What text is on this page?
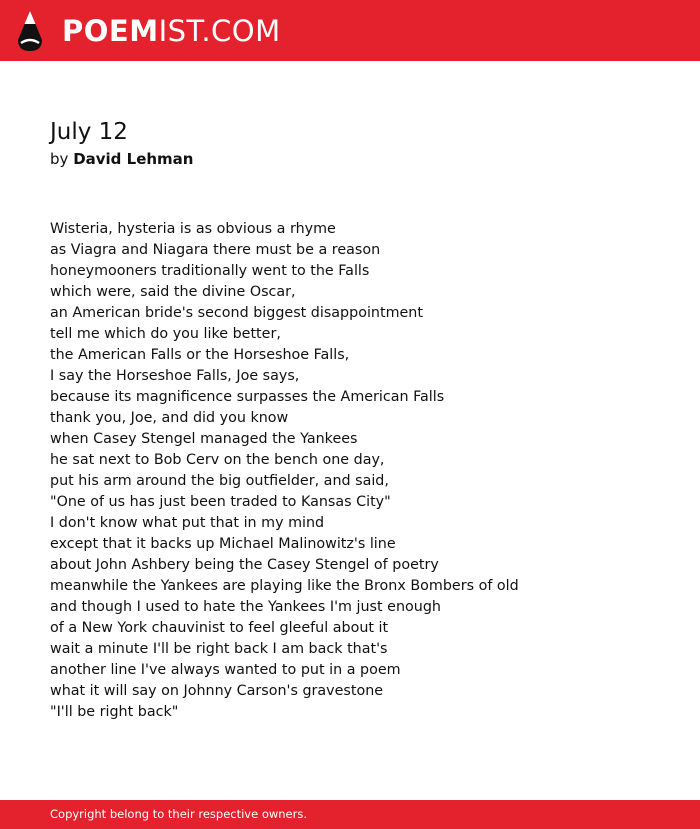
POEMIST.COM
July 12
by David Lehman
Wisteria, hysteria is as obvious a rhyme
as Viagra and Niagara there must be a reason
honeymooners traditionally went to the Falls
which were, said the divine Oscar,
an American bride's second biggest disappointment
tell me which do you like better,
the American Falls or the Horseshoe Falls,
I say the Horseshoe Falls, Joe says,
because its magnificence surpasses the American Falls
thank you, Joe, and did you know
when Casey Stengel managed the Yankees
he sat next to Bob Cerv on the bench one day,
put his arm around the big outfielder, and said,
"One of us has just been traded to Kansas City"
I don't know what put that in my mind
except that it backs up Michael Malinowitz's line
about John Ashbery being the Casey Stengel of poetry
meanwhile the Yankees are playing like the Bronx Bombers of old
and though I used to hate the Yankees I'm just enough
of a New York chauvinist to feel gleeful about it
wait a minute I'll be right back I am back that's
another line I've always wanted to put in a poem
what it will say on Johnny Carson's gravestone
"I'll be right back"
Copyright belong to their respective owners.
